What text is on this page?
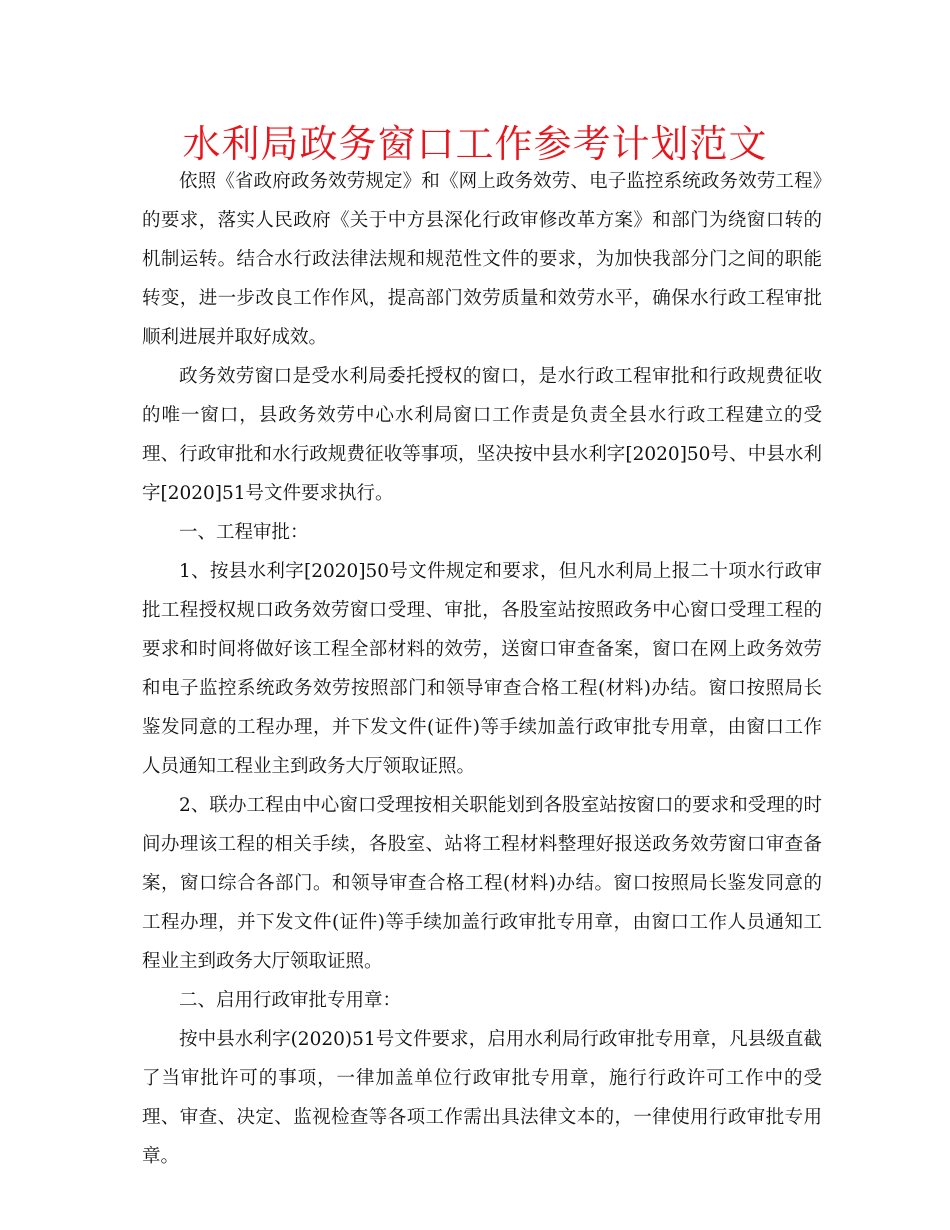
水利局政务窗口工作参考计划范文

依照《省政府政务效劳规定》和《网上政务效劳、电子监控系统政务效劳工程》的要求，落实人民政府《关于中方县深化行政审修改革方案》和部门为绕窗口转的机制运转。结合水行政法律法规和规范性文件的要求，为加快我部分门之间的职能转变，进一步改良工作作风，提高部门效劳质量和效劳水平，确保水行政工程审批顺利进展并取好成效。

政务效劳窗口是受水利局委托授权的窗口，是水行政工程审批和行政规费征收的唯一窗口，县政务效劳中心水利局窗口工作责是负责全县水行政工程建立的受理、行政审批和水行政规费征收等事项，坚决按中县水利字[2020]50号、中县水利字[2020]51号文件要求执行。

一、工程审批：

1、按县水利字[2020]50号文件规定和要求，但凡水利局上报二十项水行政审批工程授权规口政务效劳窗口受理、审批，各股室站按照政务中心窗口受理工程的要求和时间将做好该工程全部材料的效劳，送窗口审查备案，窗口在网上政务效劳和电子监控系统政务效劳按照部门和领导审查合格工程(材料)办结。窗口按照局长鉴发同意的工程办理，并下发文件(证件)等手续加盖行政审批专用章，由窗口工作人员通知工程业主到政务大厅领取证照。

2、联办工程由中心窗口受理按相关职能划到各股室站按窗口的要求和受理的时间办理该工程的相关手续，各股室、站将工程材料整理好报送政务效劳窗口审查备案，窗口综合各部门。和领导审查合格工程(材料)办结。窗口按照局长鉴发同意的工程办理，并下发文件(证件)等手续加盖行政审批专用章，由窗口工作人员通知工程业主到政务大厅领取证照。

二、启用行政审批专用章：

按中县水利字(2020)51号文件要求，启用水利局行政审批专用章，凡县级直截了当审批许可的事项，一律加盖单位行政审批专用章，施行行政许可工作中的受理、审查、决定、监视检查等各项工作需出具法律文本的，一律使用行政审批专用章。
